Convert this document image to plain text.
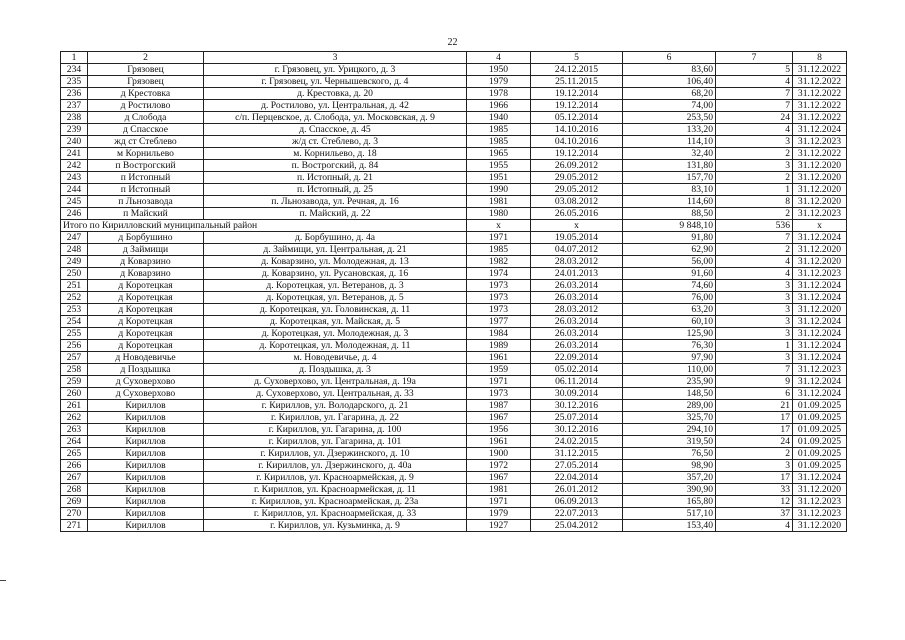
22
1	2	3	4	5	6	7	8
234	Грязовец	г. Грязовец, ул. Урицкого, д. 3	1950	24.12.2015	83,60	5	31.12.2022
235	Грязовец	г. Грязовец, ул. Чернышевского, д. 4	1979	25.11.2015	106,40	4	31.12.2022
236	д Крестовка	д. Крестовка, д. 20	1978	19.12.2014	68,20	7	31.12.2022
237	д Ростилово	д. Ростилово, ул. Центральная, д. 42	1966	19.12.2014	74,00	7	31.12.2022
238	д Слобода	с/п. Перцевское, д. Слобода, ул. Московская, д. 9	1940	05.12.2014	253,50	24	31.12.2022
239	д Спасское	д. Спасское, д. 45	1985	14.10.2016	133,20	4	31.12.2024
240	жд ст Стеблево	ж/д ст. Стеблево, д. 3	1985	04.10.2016	114,10	3	31.12.2023
241	м Корнильево	м. Корнильево, д. 18	1965	19.12.2014	32,40	2	31.12.2022
242	п Вострогский	п. Вострогский, д. 84	1955	26.09.2012	131,80	3	31.12.2020
243	п Истопный	п. Истопный, д. 21	1951	29.05.2012	157,70	2	31.12.2020
244	п Истопный	п. Истопный, д. 25	1990	29.05.2012	83,10	1	31.12.2020
245	п Льнозавода	п. Льнозавода, ул. Речная, д. 16	1981	03.08.2012	114,60	8	31.12.2020
246	п Майский	п. Майский, д. 22	1980	26.05.2016	88,50	2	31.12.2023
Итого по Кирилловский муниципальный район			x	x	9 848,10	536	x
247	д Борбушино	д. Борбушино, д. 4а	1971	19.05.2014	91,80	7	31.12.2024
248	д Займищи	д. Займищи, ул. Центральная, д. 21	1985	04.07.2012	62,90	2	31.12.2020
249	д Коварзино	д. Коварзино, ул. Молодежная, д. 13	1982	28.03.2012	56,00	4	31.12.2020
250	д Коварзино	д. Коварзино, ул. Русановская, д. 16	1974	24.01.2013	91,60	4	31.12.2023
251	д Коротецкая	д. Коротецкая, ул. Ветеранов, д. 3	1973	26.03.2014	74,60	3	31.12.2024
252	д Коротецкая	д. Коротецкая, ул. Ветеранов, д. 5	1973	26.03.2014	76,00	3	31.12.2024
253	д Коротецкая	д. Коротецкая, ул. Головинская, д. 11	1973	28.03.2012	63,20	3	31.12.2020
254	д Коротецкая	д. Коротецкая, ул. Майская, д. 5	1977	26.03.2014	60,10	3	31.12.2024
255	д Коротецкая	д. Коротецкая, ул. Молодежная, д. 3	1984	26.03.2014	125,90	3	31.12.2024
256	д Коротецкая	д. Коротецкая, ул. Молодежная, д. 11	1989	26.03.2014	76,30	1	31.12.2024
257	д Новодевичье	м. Новодевичье, д. 4	1961	22.09.2014	97,90	3	31.12.2024
258	д Поздышка	д. Поздышка, д. 3	1959	05.02.2014	110,00	7	31.12.2023
259	д Суховерхово	д. Суховерхово, ул. Центральная, д. 19а	1971	06.11.2014	235,90	9	31.12.2024
260	д Суховерхово	д. Суховерхово, ул. Центральная, д. 33	1973	30.09.2014	148,50	6	31.12.2024
261	Кириллов	г. Кириллов, ул. Володарского, д. 21	1987	30.12.2016	289,00	21	01.09.2025
262	Кириллов	г. Кириллов, ул. Гагарина, д. 22	1967	25.07.2014	325,70	17	01.09.2025
263	Кириллов	г. Кириллов, ул. Гагарина, д. 100	1956	30.12.2016	294,10	17	01.09.2025
264	Кириллов	г. Кириллов, ул. Гагарина, д. 101	1961	24.02.2015	319,50	24	01.09.2025
265	Кириллов	г. Кириллов, ул. Дзержинского, д. 10	1900	31.12.2015	76,50	2	01.09.2025
266	Кириллов	г. Кириллов, ул. Дзержинского, д. 40а	1972	27.05.2014	98,90	3	01.09.2025
267	Кириллов	г. Кириллов, ул. Красноармейская, д. 9	1967	22.04.2014	357,20	17	31.12.2024
268	Кириллов	г. Кириллов, ул. Красноармейская, д. 11	1981	26.01.2012	390,90	33	31.12.2020
269	Кириллов	г. Кириллов, ул. Красноармейская, д. 23а	1971	06.09.2013	165,80	12	31.12.2023
270	Кириллов	г. Кириллов, ул. Красноармейская, д. 33	1979	22.07.2013	517,10	37	31.12.2023
271	Кириллов	г. Кириллов, ул. Кузьминка, д. 9	1927	25.04.2012	153,40	4	31.12.2020
